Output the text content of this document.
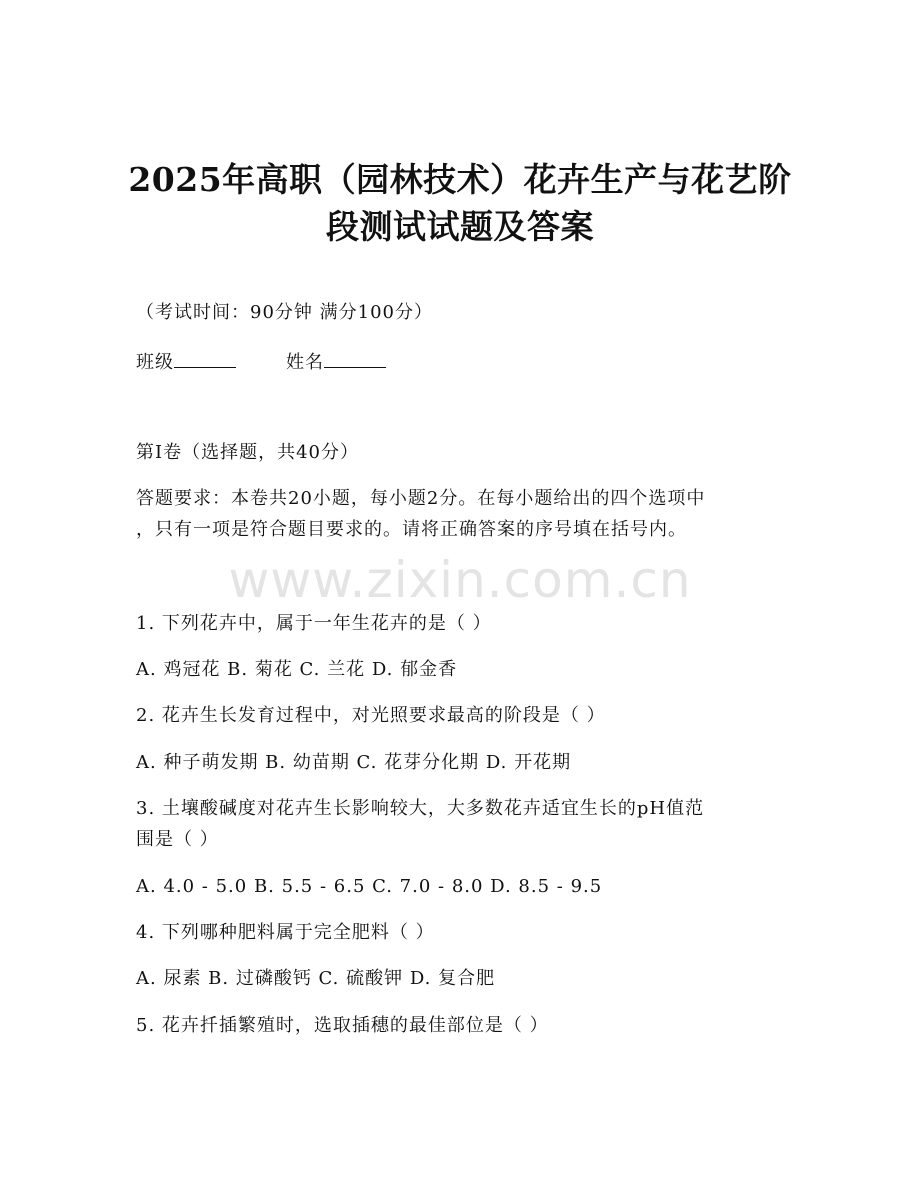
2025年高职（园林技术）花卉生产与花艺阶
段测试试题及答案
（考试时间：90分钟 满分100分）
班级	姓名
第I卷（选择题，共40分）
答题要求：本卷共20小题，每小题2分。在每小题给出的四个选项中
，只有一项是符合题目要求的。请将正确答案的序号填在括号内。
www.zixin.com.cn
1. 下列花卉中，属于一年生花卉的是（ ）
A. 鸡冠花 B. 菊花 C. 兰花 D. 郁金香
2. 花卉生长发育过程中，对光照要求最高的阶段是（ ）
A. 种子萌发期 B. 幼苗期 C. 花芽分化期 D. 开花期
3. 土壤酸碱度对花卉生长影响较大，大多数花卉适宜生长的pH值范
围是（ ）
A. 4.0 - 5.0 B. 5.5 - 6.5 C. 7.0 - 8.0 D. 8.5 - 9.5
4. 下列哪种肥料属于完全肥料（ ）
A. 尿素 B. 过磷酸钙 C. 硫酸钾 D. 复合肥
5. 花卉扦插繁殖时，选取插穗的最佳部位是（ ）
